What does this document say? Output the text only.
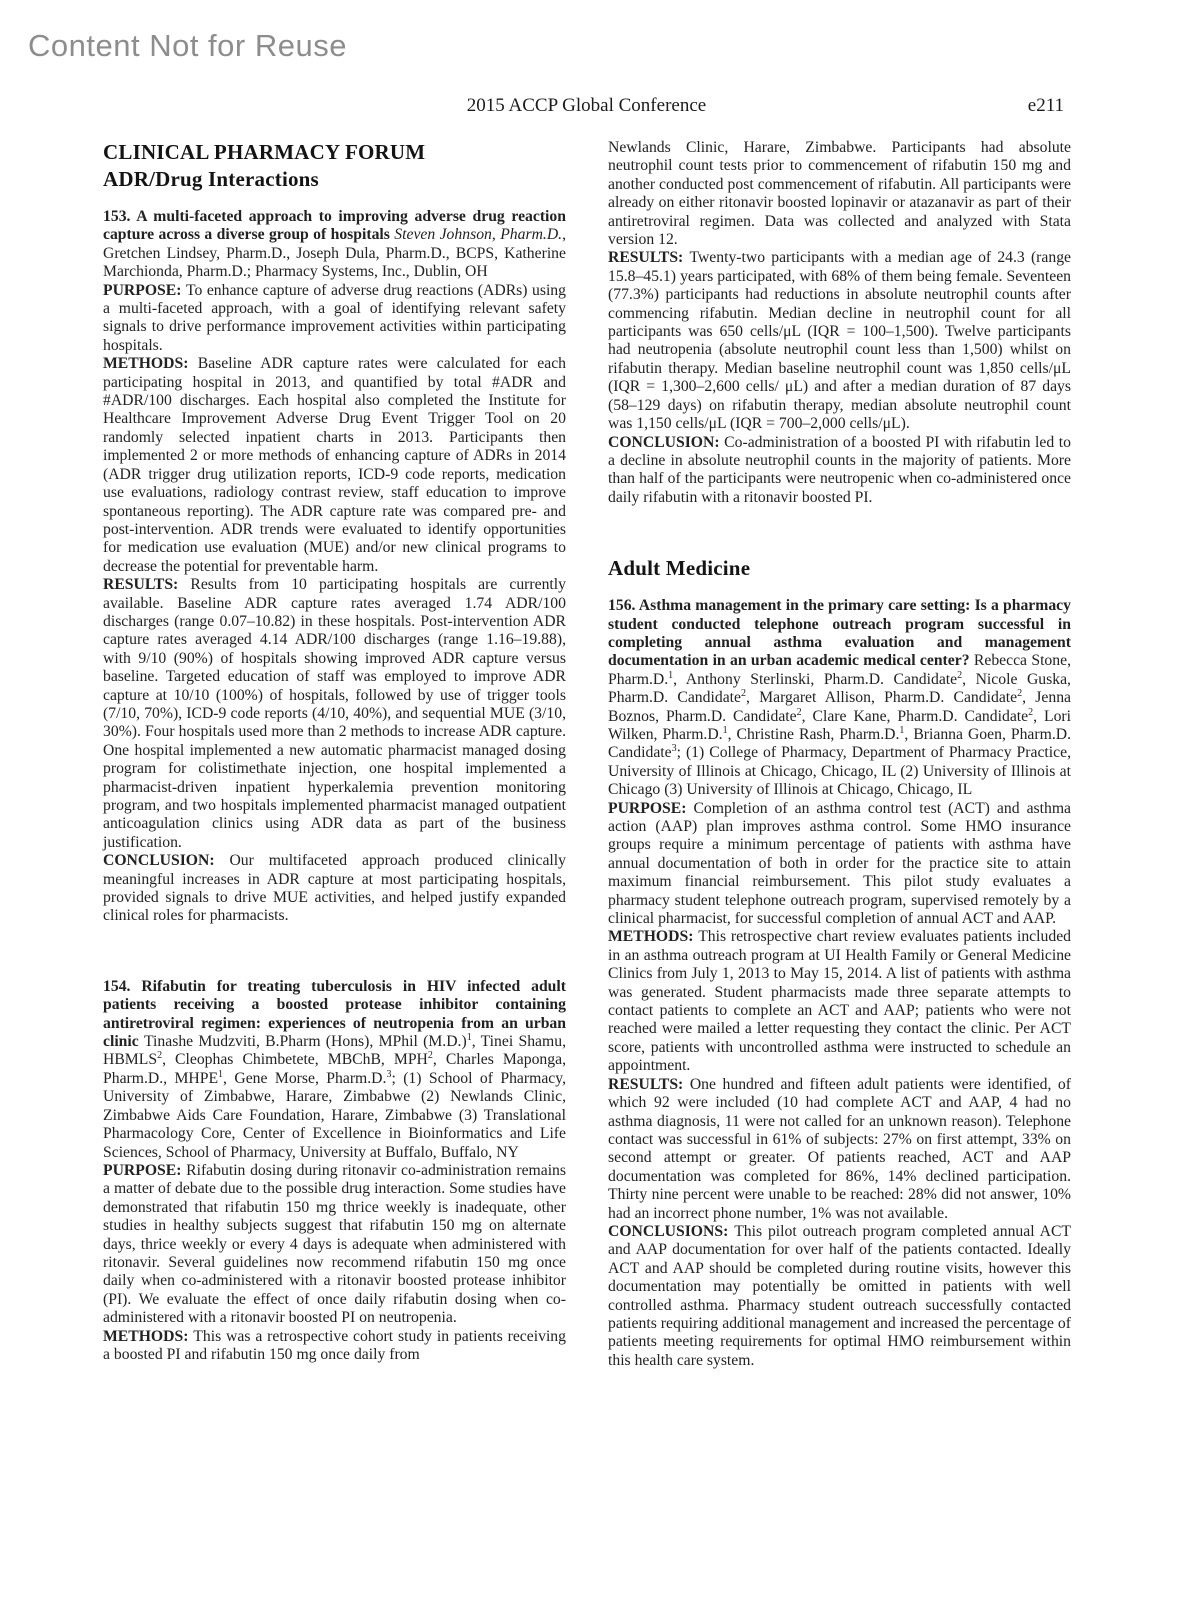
Content Not for Reuse
2015 ACCP Global Conference	e211
CLINICAL PHARMACY FORUM
ADR/Drug Interactions

153. A multi-faceted approach to improving adverse drug reaction capture across a diverse group of hospitals Steven Johnson, Pharm.D., Gretchen Lindsey, Pharm.D., Joseph Dula, Pharm.D., BCPS, Katherine Marchionda, Pharm.D.; Pharmacy Systems, Inc., Dublin, OH

PURPOSE: To enhance capture of adverse drug reactions (ADRs) using a multi-faceted approach, with a goal of identifying relevant safety signals to drive performance improvement activities within participating hospitals.

METHODS: Baseline ADR capture rates were calculated for each participating hospital in 2013, and quantified by total #ADR and #ADR/100 discharges. Each hospital also completed the Institute for Healthcare Improvement Adverse Drug Event Trigger Tool on 20 randomly selected inpatient charts in 2013. Participants then implemented 2 or more methods of enhancing capture of ADRs in 2014 (ADR trigger drug utilization reports, ICD-9 code reports, medication use evaluations, radiology contrast review, staff education to improve spontaneous reporting). The ADR capture rate was compared pre- and post-intervention. ADR trends were evaluated to identify opportunities for medication use evaluation (MUE) and/or new clinical programs to decrease the potential for preventable harm.

RESULTS: Results from 10 participating hospitals are currently available. Baseline ADR capture rates averaged 1.74 ADR/100 discharges (range 0.07–10.82) in these hospitals. Post-intervention ADR capture rates averaged 4.14 ADR/100 discharges (range 1.16–19.88), with 9/10 (90%) of hospitals showing improved ADR capture versus baseline. Targeted education of staff was employed to improve ADR capture at 10/10 (100%) of hospitals, followed by use of trigger tools (7/10, 70%), ICD-9 code reports (4/10, 40%), and sequential MUE (3/10, 30%). Four hospitals used more than 2 methods to increase ADR capture. One hospital implemented a new automatic pharmacist managed dosing program for colistimethate injection, one hospital implemented a pharmacist-driven inpatient hyperkalemia prevention monitoring program, and two hospitals implemented pharmacist managed outpatient anticoagulation clinics using ADR data as part of the business justification.

CONCLUSION: Our multifaceted approach produced clinically meaningful increases in ADR capture at most participating hospitals, provided signals to drive MUE activities, and helped justify expanded clinical roles for pharmacists.

154. Rifabutin for treating tuberculosis in HIV infected adult patients receiving a boosted protease inhibitor containing antiretroviral regimen: experiences of neutropenia from an urban clinic Tinashe Mudzviti, B.Pharm (Hons), MPhil $(M.D.)^1$, Tinei Shamu, HBMLS$^2$, Cleophas Chimbetete, MBChB, MPH$^2$, Charles Maponga, Pharm.D., MHPE$^1$, Gene Morse, Pharm.D.$^3$; (1) School of Pharmacy, University of Zimbabwe, Harare, Zimbabwe (2) Newlands Clinic, Zimbabwe Aids Care Foundation, Harare, Zimbabwe (3) Translational Pharmacology Core, Center of Excellence in Bioinformatics and Life Sciences, School of Pharmacy, University at Buffalo, Buffalo, NY

PURPOSE: Rifabutin dosing during ritonavir co-administration remains a matter of debate due to the possible drug interaction. Some studies have demonstrated that rifabutin 150 mg thrice weekly is inadequate, other studies in healthy subjects suggest that rifabutin 150 mg on alternate days, thrice weekly or every 4 days is adequate when administered with ritonavir. Several guidelines now recommend rifabutin 150 mg once daily when co-administered with a ritonavir boosted protease inhibitor (PI). We evaluate the effect of once daily rifabutin dosing when co-administered with a ritonavir boosted PI on neutropenia.

METHODS: This was a retrospective cohort study in patients receiving a boosted PI and rifabutin 150 mg once daily from

Newlands Clinic, Harare, Zimbabwe. Participants had absolute neutrophil count tests prior to commencement of rifabutin 150 mg and another conducted post commencement of rifabutin. All participants were already on either ritonavir boosted lopinavir or atazanavir as part of their antiretroviral regimen. Data was collected and analyzed with Stata version 12.

RESULTS: Twenty-two participants with a median age of 24.3 (range 15.8–45.1) years participated, with 68% of them being female. Seventeen (77.3%) participants had reductions in absolute neutrophil counts after commencing rifabutin. Median decline in neutrophil count for all participants was 650 cells/μL (IQR = 100–1,500). Twelve participants had neutropenia (absolute neutrophil count less than 1,500) whilst on rifabutin therapy. Median baseline neutrophil count was 1,850 cells/μL (IQR = 1,300–2,600 cells/ μL) and after a median duration of 87 days (58–129 days) on rifabutin therapy, median absolute neutrophil count was 1,150 cells/μL (IQR = 700–2,000 cells/μL).

CONCLUSION: Co-administration of a boosted PI with rifabutin led to a decline in absolute neutrophil counts in the majority of patients. More than half of the participants were neutropenic when co-administered once daily rifabutin with a ritonavir boosted PI.

Adult Medicine

156. Asthma management in the primary care setting: Is a pharmacy student conducted telephone outreach program successful in completing annual asthma evaluation and management documentation in an urban academic medical center? Rebecca Stone, Pharm.D.$^1$, Anthony Sterlinski, Pharm.D. Candidate$^2$, Nicole Guska, Pharm.D. Candidate$^2$, Margaret Allison, Pharm.D. Candidate$^2$, Jenna Boznos, Pharm.D. Candidate$^2$, Clare Kane, Pharm.D. Candidate$^2$, Lori Wilken, Pharm.D.$^1$, Christine Rash, Pharm.D.$^1$, Brianna Goen, Pharm.D. Candidate$^3$; (1) College of Pharmacy, Department of Pharmacy Practice, University of Illinois at Chicago, Chicago, IL (2) University of Illinois at Chicago (3) University of Illinois at Chicago, Chicago, IL

PURPOSE: Completion of an asthma control test (ACT) and asthma action (AAP) plan improves asthma control. Some HMO insurance groups require a minimum percentage of patients with asthma have annual documentation of both in order for the practice site to attain maximum financial reimbursement. This pilot study evaluates a pharmacy student telephone outreach program, supervised remotely by a clinical pharmacist, for successful completion of annual ACT and AAP.

METHODS: This retrospective chart review evaluates patients included in an asthma outreach program at UI Health Family or General Medicine Clinics from July 1, 2013 to May 15, 2014. A list of patients with asthma was generated. Student pharmacists made three separate attempts to contact patients to complete an ACT and AAP; patients who were not reached were mailed a letter requesting they contact the clinic. Per ACT score, patients with uncontrolled asthma were instructed to schedule an appointment.

RESULTS: One hundred and fifteen adult patients were identified, of which 92 were included (10 had complete ACT and AAP, 4 had no asthma diagnosis, 11 were not called for an unknown reason). Telephone contact was successful in 61% of subjects: 27% on first attempt, 33% on second attempt or greater. Of patients reached, ACT and AAP documentation was completed for 86%, 14% declined participation. Thirty nine percent were unable to be reached: 28% did not answer, 10% had an incorrect phone number, 1% was not available.

CONCLUSIONS: This pilot outreach program completed annual ACT and AAP documentation for over half of the patients contacted. Ideally ACT and AAP should be completed during routine visits, however this documentation may potentially be omitted in patients with well controlled asthma. Pharmacy student outreach successfully contacted patients requiring additional management and increased the percentage of patients meeting requirements for optimal HMO reimbursement within this health care system.
